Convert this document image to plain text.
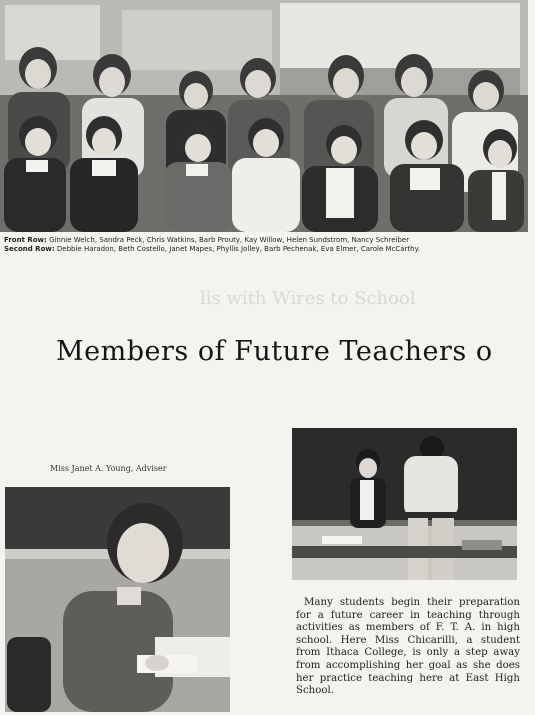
Front Row: Ginnie Welch, Sandra Peck, Chris Watkins, Barb Prouty, Kay Willow, Helen Sundstrom, Nancy Schreiber
Second Row: Debbie Haradon, Beth Costello, Janet Mapes, Phyllis Jolley, Barb Pechenak, Eva Elmer, Carole McCarthy.
lis with Wires to School
Members of Future Teachers o
Miss Janet A. Young, Adviser
Many students begin their preparation for a future career in teaching through activities as members of F. T. A. in high school. Here Miss Chicarilli, a student from Ithaca College, is only a step away from accomplishing her goal as she does her practice teaching here at East High School.
